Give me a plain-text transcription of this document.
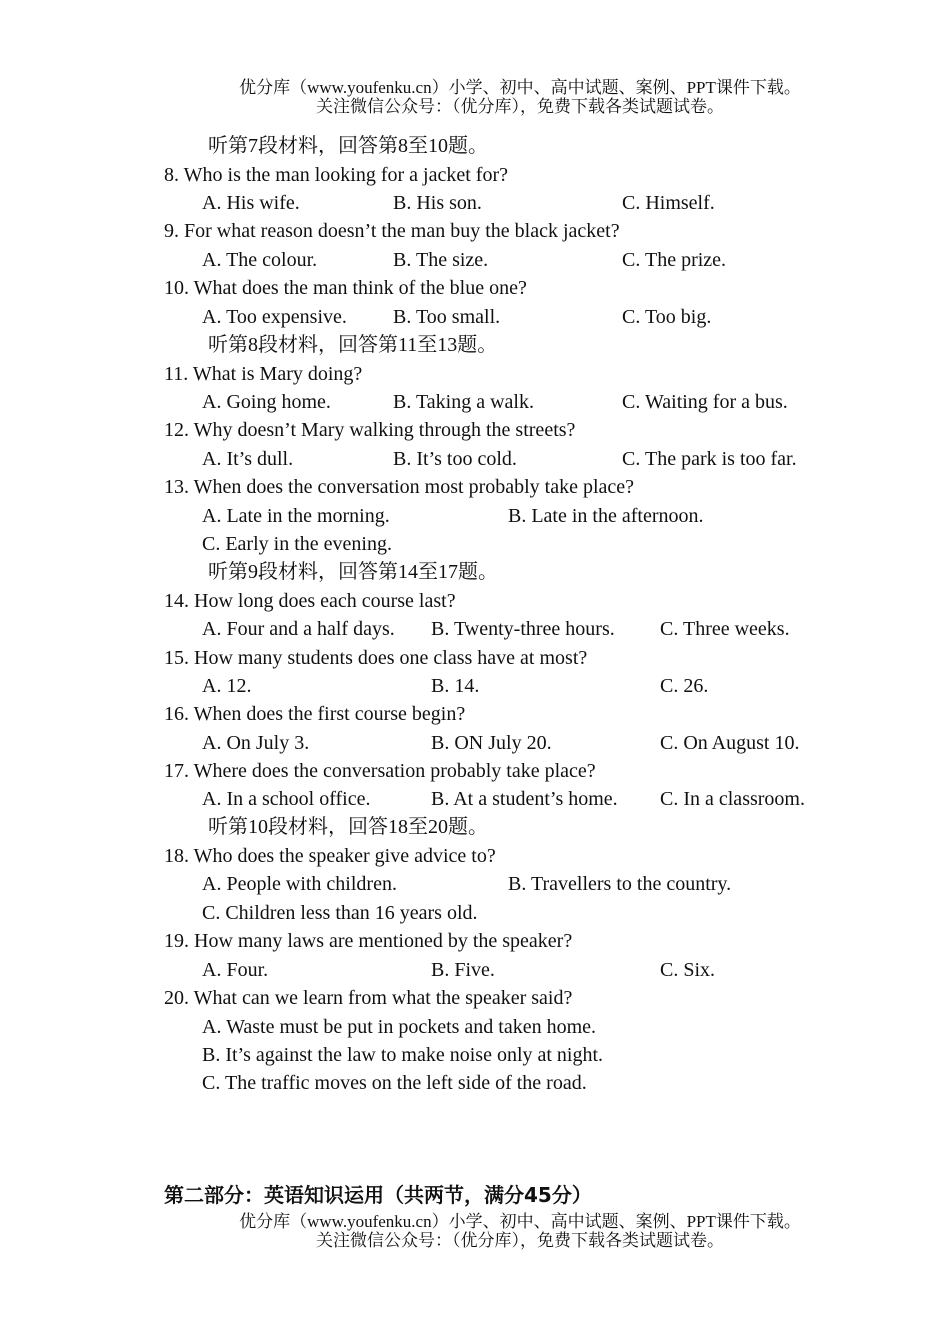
优分库（www.youfenku.cn）小学、初中、高中试题、案例、PPT课件下载。
关注微信公众号：（优分库），免费下载各类试题试卷。
听第7段材料，回答第8至10题。
8. Who is the man looking for a jacket for?
A. His wife.	B. His son.	C. Himself.
9. For what reason doesn’t the man buy the black jacket?
A. The colour.	B. The size.	C. The prize.
10. What does the man think of the blue one?
A. Too expensive. B. Too small.	C. Too big.
听第8段材料，回答第11至13题。
11. What is Mary doing?
A. Going home.	B. Taking a walk.	C. Waiting for a bus.
12. Why doesn’t Mary walking through the streets?
A. It’s dull.	B. It’s too cold.	C. The park is too far.
13. When does the conversation most probably take place?
A. Late in the morning.	B. Late in the afternoon.
C. Early in the evening.
听第9段材料，回答第14至17题。
14. How long does each course last?
A. Four and a half days. B. Twenty-three hours. C. Three weeks.
15. How many students does one class have at most?
A. 12.	B. 14.	C. 26.
16. When does the first course begin?
A. On July 3.	B. ON July 20.	C. On August 10.
17. Where does the conversation probably take place?
A. In a school office.	B. At a student’s home. C. In a classroom.
听第10段材料，回答18至20题。
18. Who does the speaker give advice to?
A. People with children.	B. Travellers to the country.
C. Children less than 16 years old.
19. How many laws are mentioned by the speaker?
A. Four.	B. Five.	C. Six.
20. What can we learn from what the speaker said?
A. Waste must be put in pockets and taken home.
B. It’s against the law to make noise only at night.
C. The traffic moves on the left side of the road.
第二部分：英语知识运用（共两节，满分45分）
优分库（www.youfenku.cn）小学、初中、高中试题、案例、PPT课件下载。
关注微信公众号：（优分库），免费下载各类试题试卷。
